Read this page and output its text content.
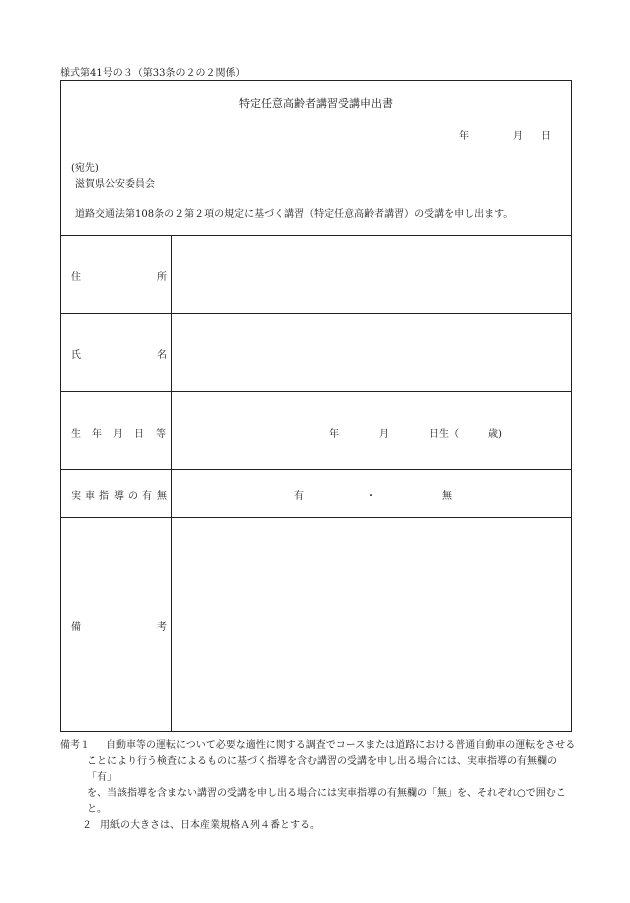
様式第41号の３（第33条の２の２関係）
特定任意高齢者講習受講申出書
年	月 日
(宛先)
滋賀県公安委員会
道路交通法第108条の２第２項の規定に基づく講習（特定任意高齢者講習）の受講を申し出ます。
住	所
氏	名
生 年 月 日 等	年	月	日生（	歳)
実 車 指 導 の 有 無	有	・	無
備	考
備考１ 自動車等の運転について必要な適性に関する調査でコースまたは道路における普通自動車の運転をさせる
ことにより行う検査によるものに基づく指導を含む講習の受講を申し出る場合には、実車指導の有無欄の「有」
を、当該指導を含まない講習の受講を申し出る場合には実車指導の有無欄の「無」を、それぞれ○で囲むこ
と。
２ 用紙の大きさは、日本産業規格Ａ列４番とする。
